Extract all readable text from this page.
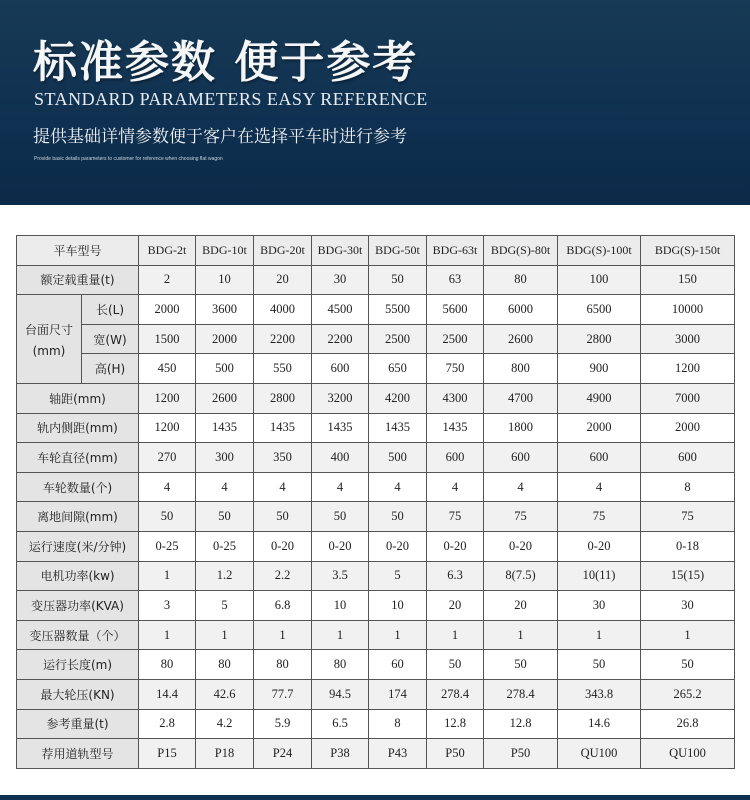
标准参数 便于参考
STANDARD PARAMETERS EASY REFERENCE
提供基础详情参数便于客户在选择平车时进行参考
Provide basic details parameters to customer for reference when choosing flat wagon
平车型号		BDG-2t	BDG-10t	BDG-20t	BDG-30t	BDG-50t	BDG-63t	BDG(S)-80t	BDG(S)-100t	BDG(S)-150t
额定载重量(t)		2	10	20	30	50	63	80	100	150

台面尺寸
(mm)	长(L)	2000	3600	4000	4500	5500	5600	6000	6500	10000
	宽(W)	1500	2000	2200	2200	2500	2500	2600	2800	3000
	高(H)	450	500	550	600	650	750	800	900	1200
轴距(mm)		1200	2600	2800	3200	4200	4300	4700	4900	7000
轨内侧距(mm)		1200	1435	1435	1435	1435	1435	1800	2000	2000
车轮直径(mm)		270	300	350	400	500	600	600	600	600
车轮数量(个)		4	4	4	4	4	4	4	4	8
离地间隙(mm)		50	50	50	50	50	75	75	75	75
运行速度(米/分钟)		0-25	0-25	0-20	0-20	0-20	0-20	0-20	0-20	0-18
电机功率(kw)		1	1.2	2.2	3.5	5	6.3	8(7.5)	10(11)	15(15)
变压器功率(KVA)		3	5	6.8	10	10	20	20	30	30
变压器数量（个）		1	1	1	1	1	1	1	1	1
运行长度(m)		80	80	80	80	60	50	50	50	50
最大轮压(KN)		14.4	42.6	77.7	94.5	174	278.4	278.4	343.8	265.2
参考重量(t)		2.8	4.2	5.9	6.5	8	12.8	12.8	14.6	26.8
荐用道轨型号		P15	P18	P24	P38	P43	P50	P50	QU100	QU100
